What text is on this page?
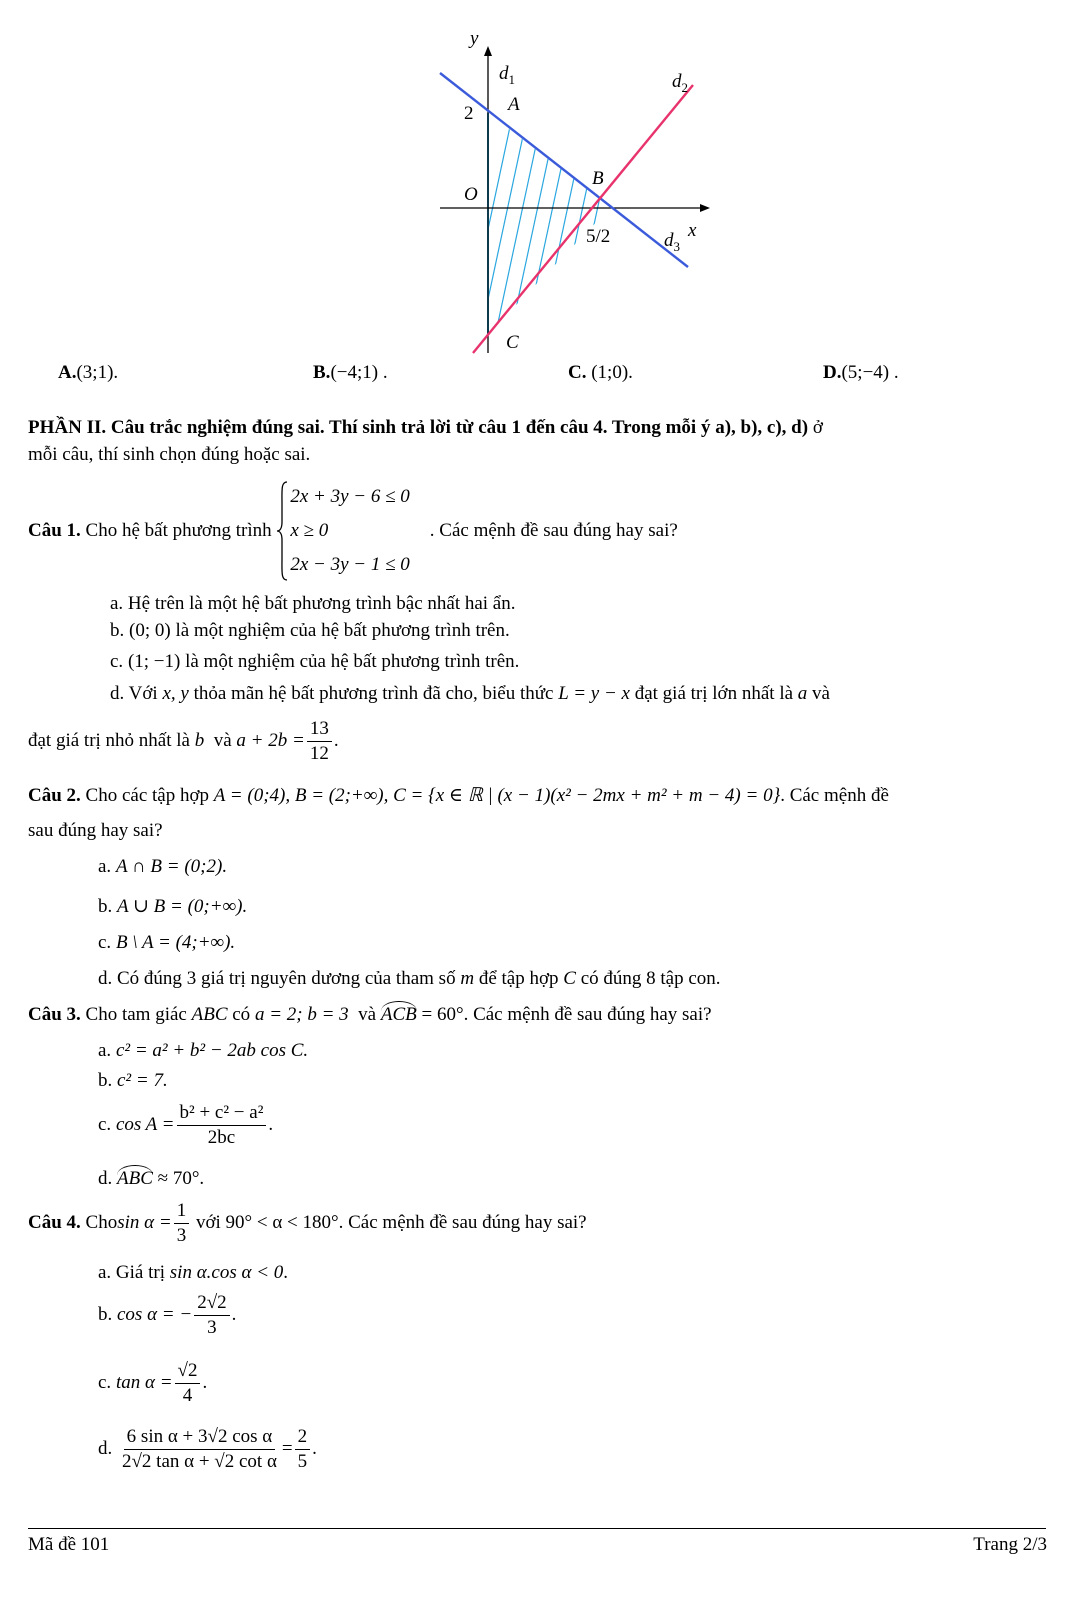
y
x
O
2
5/2
A
B
C
$d_1$	$d_2$
$d_3$
A.(3;1).	B.(−4;1) .	C. (1;0).	D.(5;−4) .
PHẦN II. Câu trắc nghiệm đúng sai. Thí sinh trả lời từ câu 1 đến câu 4. Trong mỗi ý a), b), c), d) ở
mỗi câu, thí sinh chọn đúng hoặc sai.
Câu 1.
Cho hệ bất phương trình

2x + 3y − 6 ≤ 0
x ≥ 0
2x − 3y − 1 ≤ 0
. Các mệnh đề sau đúng hay sai?
a. Hệ trên là một hệ bất phương trình bậc nhất hai ẩn.
b. (0; 0) là một nghiệm của hệ bất phương trình trên.
c. (1; −1) là một nghiệm của hệ bất phương trình trên.
d. Với x, y thỏa mãn hệ bất phương trình đã cho, biểu thức L = y − x đạt giá trị lớn nhất là a và
đạt giá trị nhỏ nhất là
b
và
$a + 2b = \frac{13}{12}$ .
Câu 2. Cho các tập hợp A = (0;4), B = (2;+∞), C = {x ∈ ℝ | (x − 1)(x² − 2mx + m² + m − 4) = 0}. Các mệnh đề
sau đúng hay sai?
a. A ∩ B = (0;2).
b. A ∪ B = (0;+∞).
c. B \ A = (4;+∞).
d. Có đúng 3 giá trị nguyên dương của tham số m để tập hợp C có đúng 8 tập con.
Câu 3. Cho tam giác ABC có a = 2; b = 3 và ACB = 60°. Các mệnh đề sau đúng hay sai?
a. c² = a² + b² − 2ab cos C.
b. c² = 7.
c.
$\cos A = \frac{\text{b² + c² − a²}}{2bc}$ .
d. ABC ≈ 70°.
Câu 4.
Cho $\sin \alpha = \frac{1}{3}$
với
90° < α < 180° . Các mệnh đề sau đúng hay sai?
a. Giá trị sin α.cos α < 0.
b.
cos α = − $\frac{2√2}{3}$ .
c.
$\tan \alpha = \frac{√2}{4}$ .
d.
$\frac{\text{6 sin α + 3√2 cos α}}{\text{2√2 tan α + √2 cot α}} = \frac{2}{5}$ .
Mã đề 101	Trang 2/3
